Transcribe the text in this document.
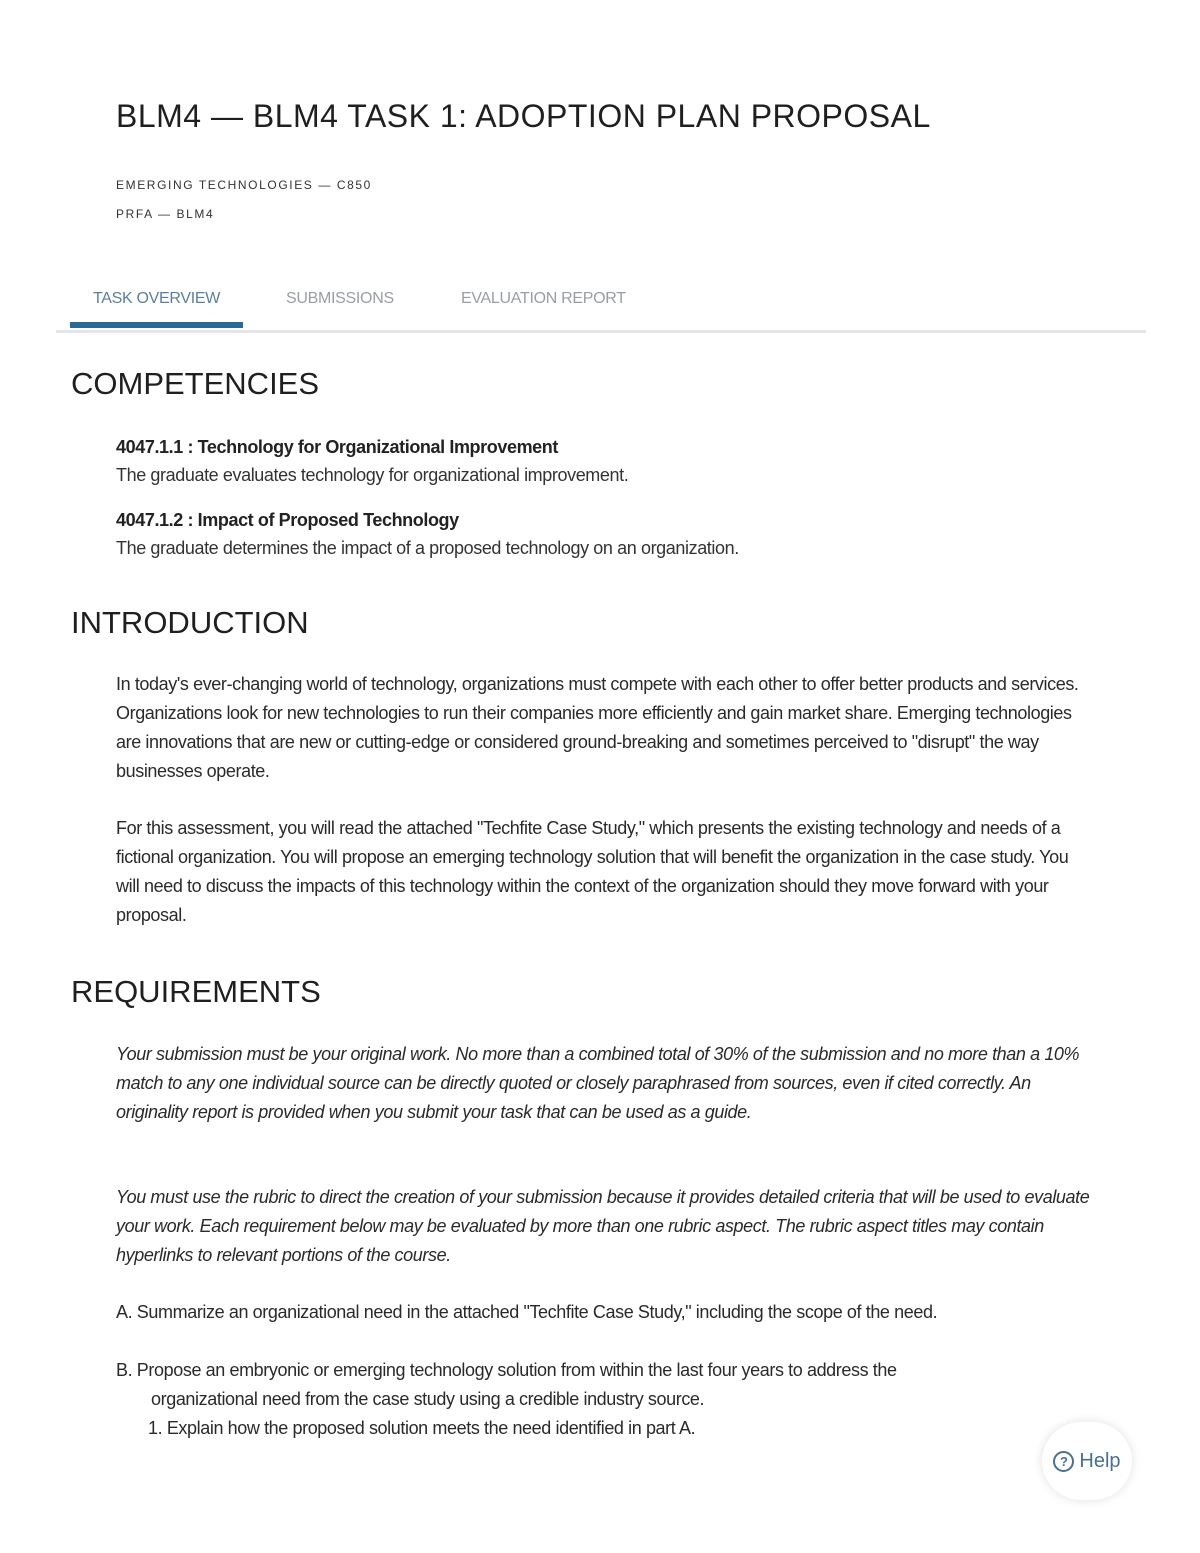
BLM4 — BLM4 TASK 1: ADOPTION PLAN PROPOSAL

EMERGING TECHNOLOGIES — C850

PRFA — BLM4

TASK OVERVIEW	SUBMISSIONS	EVALUATION REPORT
COMPETENCIES
4047.1.1 : Technology for Organizational Improvement
The graduate evaluates technology for organizational improvement.
4047.1.2 : Impact of Proposed Technology
The graduate determines the impact of a proposed technology on an organization.
INTRODUCTION

In today's ever-changing world of technology, organizations must compete with each other to offer better products and services. Organizations look for new technologies to run their companies more efficiently and gain market share. Emerging technologies are innovations that are new or cutting-edge or considered ground-breaking and sometimes perceived to "disrupt" the way businesses operate.

For this assessment, you will read the attached "Techfite Case Study," which presents the existing technology and needs of a fictional organization. You will propose an emerging technology solution that will benefit the organization in the case study. You will need to discuss the impacts of this technology within the context of the organization should they move forward with your proposal.

REQUIREMENTS

Your submission must be your original work. No more than a combined total of 30% of the submission and no more than a 10% match to any one individual source can be directly quoted or closely paraphrased from sources, even if cited correctly. An originality report is provided when you submit your task that can be used as a guide.

You must use the rubric to direct the creation of your submission because it provides detailed criteria that will be used to evaluate your work. Each requirement below may be evaluated by more than one rubric aspect. The rubric aspect titles may contain hyperlinks to relevant portions of the course.

A. Summarize an organizational need in the attached "Techfite Case Study," including the scope of the need.
B. Propose an embryonic or emerging technology solution from within the last four years to address the
organizational need from the case study using a credible industry source.
1. Explain how the proposed solution meets the need identified in part A.
? Help
